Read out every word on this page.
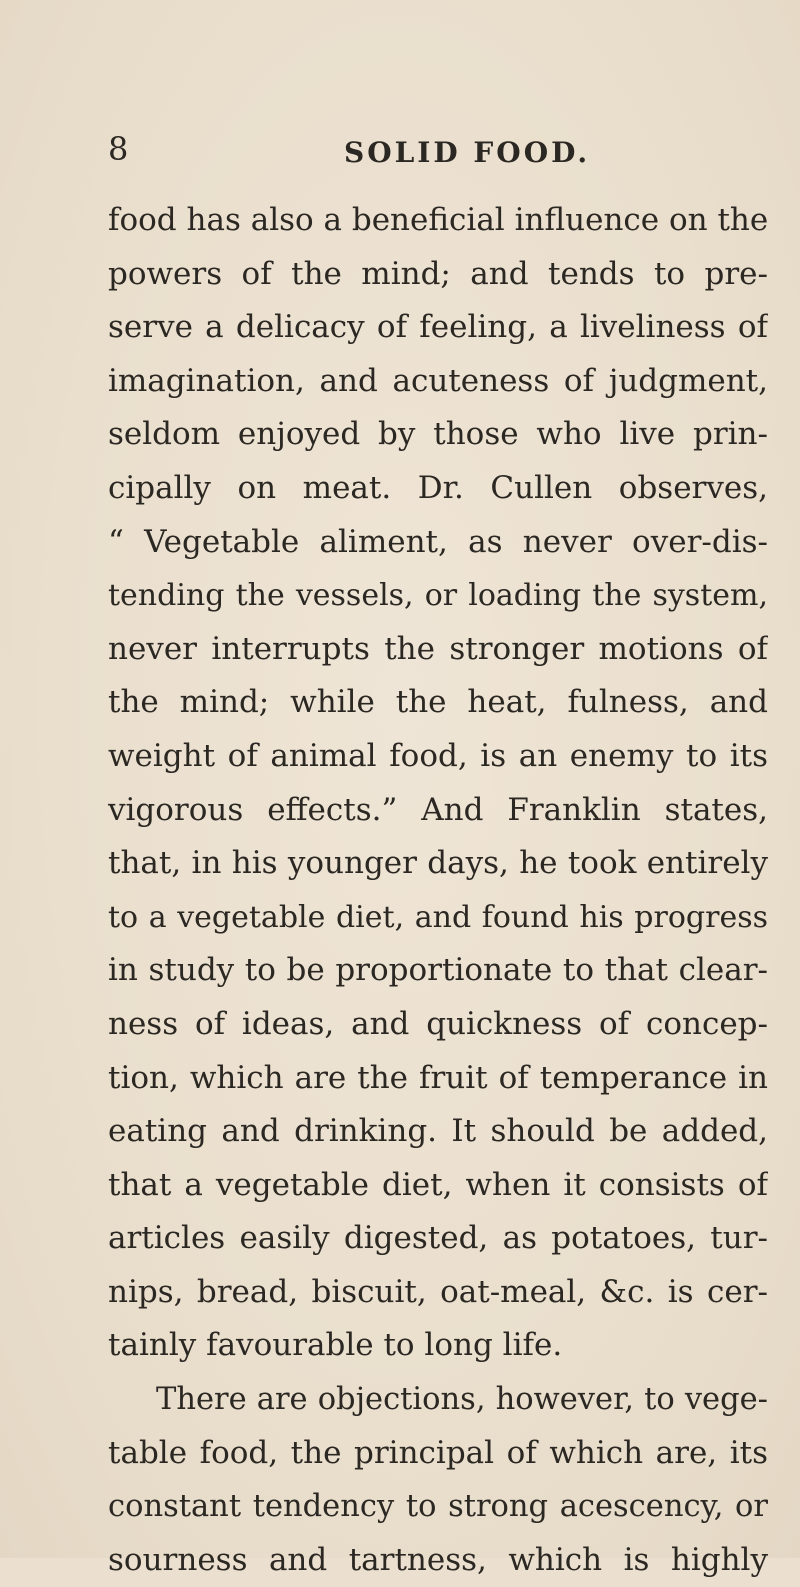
8	SOLID FOOD.
food has also a beneficial influence on the
powers of the mind; and tends to pre-
serve a delicacy of feeling, a liveliness of
imagination, and acuteness of judgment,
seldom enjoyed by those who live prin-
cipally on meat. Dr. Cullen observes,
“ Vegetable aliment, as never over-dis-
tending the vessels, or loading the system,
never interrupts the stronger motions of
the mind; while the heat, fulness, and
weight of animal food, is an enemy to its
vigorous effects.” And Franklin states,
that, in his younger days, he took entirely
to a vegetable diet, and found his progress
in study to be proportionate to that clear-
ness of ideas, and quickness of concep-
tion, which are the fruit of temperance in
eating and drinking. It should be added,
that a vegetable diet, when it consists of
articles easily digested, as potatoes, tur-
nips, bread, biscuit, oat-meal, &c. is cer-
tainly favourable to long life.
There are objections, however, to vege-
table food, the principal of which are, its
constant tendency to strong acescency, or
sourness and tartness, which is highly
